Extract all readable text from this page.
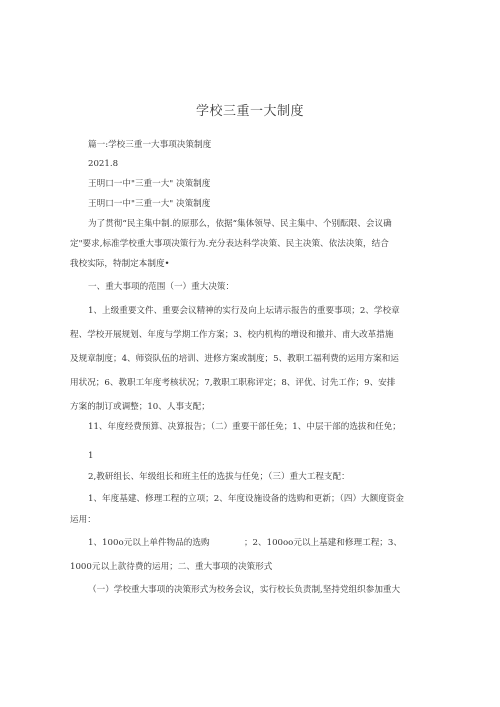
学校三重一大制度
篇一:学校三重一大事项决策制度
2021.8
王明口一中"三重一大" 决策制度
王明口一中"三重一大" 决策制度
为了贯彻“民主集中制.的原那么，依据“集体领导、民主集中、个别酝限、会议确
定"要求,标准学校重大事项决策行为.充分表达科学决策、民主决策、依法决策，结合
我校实际，特制定本制度•
一、重大事项的范围（一）重大决策：
1、上级重要文件、重要会议精神的实行及向上坛请示报告的重要事项；2、学校章
程、学校开展规划、年度与学期工作方案；3、校内机构的增设和撤并、甫大改革措施
及规章制度；4、师资队伍的培训、进修方案或制度；5、教职工福利费的运用方案和运
用状况；6、教职工年度考核状况；7,教职工职称评定；8、评优、讨先工作；9、安排
方案的制订或调整；10、人事支配；
11、年度经费预算、决算报告；（二）重要干部任免；1、中层干部的选拔和任免；
1
2,教研组长、年级组长和班主任的选拔与任免；（三）重大工程支配：
1、年度基建、修理工程的立项；2、年度设施设备的选购和更新；（四）大额度资金
运用：
1、100o元以上单件物品的选购　　　　；2、100oo元以上基建和修理工程；3、
1000元以上款待费的运用；二、重大事项的决策形式
（一）学校重大事项的决策形式为校务会议，实行校长负责制,坚持党组织参加重大
